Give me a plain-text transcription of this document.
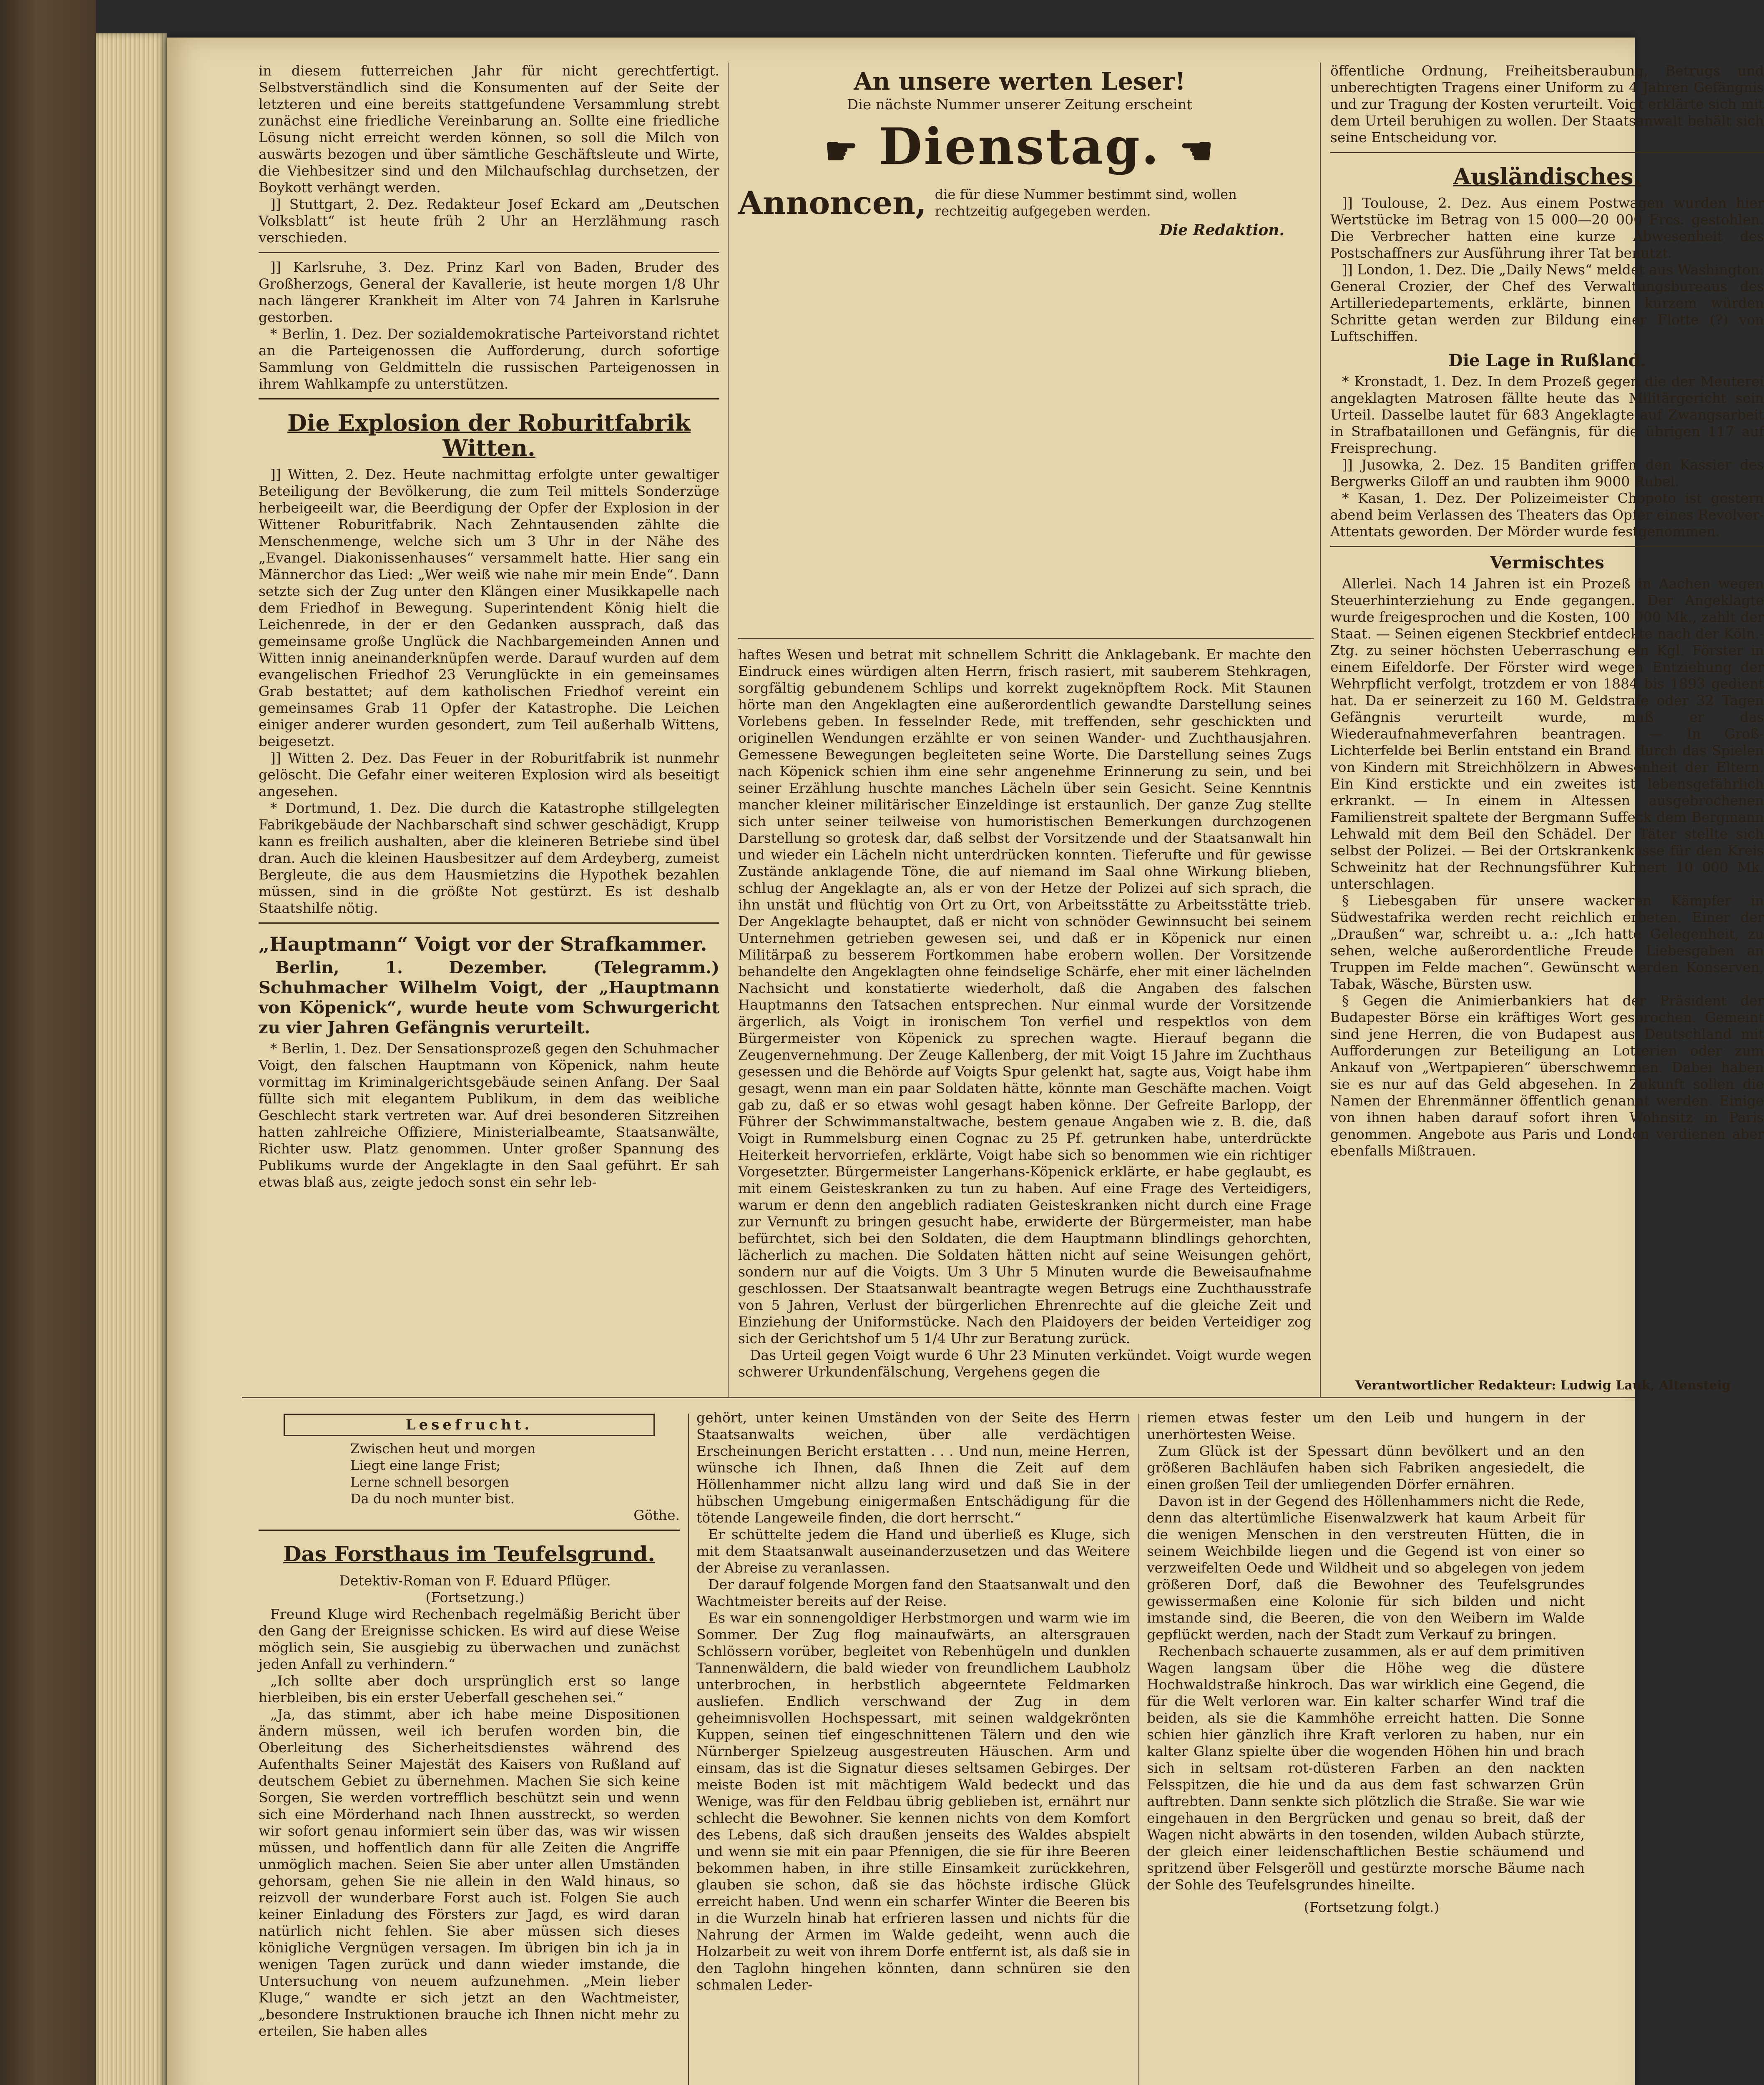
in diesem futterreichen Jahr für nicht gerechtfertigt. Selbstverständlich sind die Konsumenten auf der Seite der letzteren und eine bereits stattgefundene Versammlung strebt zunächst eine friedliche Vereinbarung an. Sollte eine friedliche Lösung nicht erreicht werden können, so soll die Milch von auswärts bezogen und über sämtliche Geschäftsleute und Wirte, die Viehbesitzer sind und den Milchaufschlag durchsetzen, der Boykott verhängt werden.

]] Stuttgart, 2. Dez. Redakteur Josef Eckard am „Deutschen Volksblatt“ ist heute früh 2 Uhr an Herzlähmung rasch verschieden.

]] Karlsruhe, 3. Dez. Prinz Karl von Baden, Bruder des Großherzogs, General der Kavallerie, ist heute morgen 1/8 Uhr nach längerer Krankheit im Alter von 74 Jahren in Karlsruhe gestorben.

* Berlin, 1. Dez. Der sozialdemokratische Parteivorstand richtet an die Parteigenossen die Aufforderung, durch sofortige Sammlung von Geldmitteln die russischen Parteigenossen in ihrem Wahlkampfe zu unterstützen.

Die Explosion der Roburitfabrik Witten.

]] Witten, 2. Dez. Heute nachmittag erfolgte unter gewaltiger Beteiligung der Bevölkerung, die zum Teil mittels Sonderzüge herbeigeeilt war, die Beerdigung der Opfer der Explosion in der Wittener Roburitfabrik. Nach Zehntausenden zählte die Menschenmenge, welche sich um 3 Uhr in der Nähe des „Evangel. Diakonissenhauses“ versammelt hatte. Hier sang ein Männerchor das Lied: „Wer weiß wie nahe mir mein Ende“. Dann setzte sich der Zug unter den Klängen einer Musikkapelle nach dem Friedhof in Bewegung. Superintendent König hielt die Leichenrede, in der er den Gedanken aussprach, daß das gemeinsame große Unglück die Nachbargemeinden Annen und Witten innig aneinanderknüpfen werde. Darauf wurden auf dem evangelischen Friedhof 23 Verunglückte in ein gemeinsames Grab bestattet; auf dem katholischen Friedhof vereint ein gemeinsames Grab 11 Opfer der Katastrophe. Die Leichen einiger anderer wurden gesondert, zum Teil außerhalb Wittens, beigesetzt.

]] Witten 2. Dez. Das Feuer in der Roburitfabrik ist nunmehr gelöscht. Die Gefahr einer weiteren Explosion wird als beseitigt angesehen.

* Dortmund, 1. Dez. Die durch die Katastrophe stillgelegten Fabrikgebäude der Nachbarschaft sind schwer geschädigt, Krupp kann es freilich aushalten, aber die kleineren Betriebe sind übel dran. Auch die kleinen Hausbesitzer auf dem Ardeyberg, zumeist Bergleute, die aus dem Hausmietzins die Hypothek bezahlen müssen, sind in die größte Not gestürzt. Es ist deshalb Staatshilfe nötig.

„Hauptmann“ Voigt vor der Strafkammer.

Berlin, 1. Dezember. (Telegramm.) Schuhmacher Wilhelm Voigt, der „Hauptmann von Köpenick“, wurde heute vom Schwurgericht zu vier Jahren Gefängnis verurteilt.

* Berlin, 1. Dez. Der Sensationsprozeß gegen den Schuhmacher Voigt, den falschen Hauptmann von Köpenick, nahm heute vormittag im Kriminalgerichtsgebäude seinen Anfang. Der Saal füllte sich mit elegantem Publikum, in dem das weibliche Geschlecht stark vertreten war. Auf drei besonderen Sitzreihen hatten zahlreiche Offiziere, Ministerialbeamte, Staatsanwälte, Richter usw. Platz genommen. Unter großer Spannung des Publikums wurde der Angeklagte in den Saal geführt. Er sah etwas blaß aus, zeigte jedoch sonst ein sehr leb-

An unsere werten Leser!
Die nächste Nummer unserer Zeitung erscheint
☛ Dienstag. ☚
Annoncen, die für diese Nummer bestimmt sind, wollen rechtzeitig aufgegeben werden.
Die Redaktion.

haftes Wesen und betrat mit schnellem Schritt die Anklagebank. Er machte den Eindruck eines würdigen alten Herrn, frisch rasiert, mit sauberem Stehkragen, sorgfältig gebundenem Schlips und korrekt zugeknöpftem Rock. Mit Staunen hörte man den Angeklagten eine außerordentlich gewandte Darstellung seines Vorlebens geben. In fesselnder Rede, mit treffenden, sehr geschickten und originellen Wendungen erzählte er von seinen Wander- und Zuchthausjahren. Gemessene Bewegungen begleiteten seine Worte. Die Darstellung seines Zugs nach Köpenick schien ihm eine sehr angenehme Erinnerung zu sein, und bei seiner Erzählung huschte manches Lächeln über sein Gesicht. Seine Kenntnis mancher kleiner militärischer Einzeldinge ist erstaunlich. Der ganze Zug stellte sich unter seiner teilweise von humoristischen Bemerkungen durchzogenen Darstellung so grotesk dar, daß selbst der Vorsitzende und der Staatsanwalt hin und wieder ein Lächeln nicht unterdrücken konnten. Tieferufte und für gewisse Zustände anklagende Töne, die auf niemand im Saal ohne Wirkung blieben, schlug der Angeklagte an, als er von der Hetze der Polizei auf sich sprach, die ihn unstät und flüchtig von Ort zu Ort, von Arbeitsstätte zu Arbeitsstätte trieb. Der Angeklagte behauptet, daß er nicht von schnöder Gewinnsucht bei seinem Unternehmen getrieben gewesen sei, und daß er in Köpenick nur einen Militärpaß zu besserem Fortkommen habe erobern wollen. Der Vorsitzende behandelte den Angeklagten ohne feindselige Schärfe, eher mit einer lächelnden Nachsicht und konstatierte wiederholt, daß die Angaben des falschen Hauptmanns den Tatsachen entsprechen. Nur einmal wurde der Vorsitzende ärgerlich, als Voigt in ironischem Ton verfiel und respektlos von dem Bürgermeister von Köpenick zu sprechen wagte. Hierauf begann die Zeugenvernehmung. Der Zeuge Kallenberg, der mit Voigt 15 Jahre im Zuchthaus gesessen und die Behörde auf Voigts Spur gelenkt hat, sagte aus, Voigt habe ihm gesagt, wenn man ein paar Soldaten hätte, könnte man Geschäfte machen. Voigt gab zu, daß er so etwas wohl gesagt haben könne. Der Gefreite Barlopp, der Führer der Schwimmanstaltwache, bestem genaue Angaben wie z. B. die, daß Voigt in Rummelsburg einen Cognac zu 25 Pf. getrunken habe, unterdrückte Heiterkeit hervorriefen, erklärte, Voigt habe sich so benommen wie ein richtiger Vorgesetzter. Bürgermeister Langerhans-Köpenick erklärte, er habe geglaubt, es mit einem Geisteskranken zu tun zu haben. Auf eine Frage des Verteidigers, warum er denn den angeblich radiaten Geisteskranken nicht durch eine Frage zur Vernunft zu bringen gesucht habe, erwiderte der Bürgermeister, man habe befürchtet, sich bei den Soldaten, die dem Hauptmann blindlings gehorchten, lächerlich zu machen. Die Soldaten hätten nicht auf seine Weisungen gehört, sondern nur auf die Voigts. Um 3 Uhr 5 Minuten wurde die Beweisaufnahme geschlossen. Der Staatsanwalt beantragte wegen Betrugs eine Zuchthausstrafe von 5 Jahren, Verlust der bürgerlichen Ehrenrechte auf die gleiche Zeit und Einziehung der Uniformstücke. Nach den Plaidoyers der beiden Verteidiger zog sich der Gerichtshof um 5 1/4 Uhr zur Beratung zurück.

Das Urteil gegen Voigt wurde 6 Uhr 23 Minuten verkündet. Voigt wurde wegen schwerer Urkundenfälschung, Vergehens gegen die

öffentliche Ordnung, Freiheitsberaubung, Betrugs und unberechtigten Tragens einer Uniform zu 4 Jahren Gefängnis und zur Tragung der Kosten verurteilt. Voigt erklärte sich mit dem Urteil beruhigen zu wollen. Der Staatsanwalt behält sich seine Entscheidung vor.

Ausländisches.

]] Toulouse, 2. Dez. Aus einem Postwagen wurden hier Wertstücke im Betrag von 15 000—20 000 Frcs. gestohlen. Die Verbrecher hatten eine kurze Abwesenheit des Postschaffners zur Ausführung ihrer Tat benutzt.

]] London, 1. Dez. Die „Daily News“ meldet aus Washington: General Crozier, der Chef des Verwaltungsbureaus des Artilleriedepartements, erklärte, binnen kurzem würden Schritte getan werden zur Bildung einer Flotte (?) von Luftschiffen.

Die Lage in Rußland.

* Kronstadt, 1. Dez. In dem Prozeß gegen die der Meuterei angeklagten Matrosen fällte heute das Militärgericht sein Urteil. Dasselbe lautet für 683 Angeklagte auf Zwangsarbeit in Strafbataillonen und Gefängnis, für die übrigen 117 auf Freisprechung.

]] Jusowka, 2. Dez. 15 Banditen griffen den Kassier des Bergwerks Giloff an und raubten ihm 9000 Rubel.

* Kasan, 1. Dez. Der Polizeimeister Chopoto ist gestern abend beim Verlassen des Theaters das Opfer eines Revolver-Attentats geworden. Der Mörder wurde festgenommen.

Vermischtes

Allerlei. Nach 14 Jahren ist ein Prozeß in Aachen wegen Steuerhinterziehung zu Ende gegangen. Der Angeklagte wurde freigesprochen und die Kosten, 100 000 Mk., zahlt der Staat. — Seinen eigenen Steckbrief entdeckte nach der Köln.-Ztg. zu seiner höchsten Ueberraschung ein Kgl. Förster in einem Eifeldorfe. Der Förster wird wegen Entziehung der Wehrpflicht verfolgt, trotzdem er von 1884 bis 1893 gedient hat. Da er seinerzeit zu 160 M. Geldstrafe oder 32 Tagen Gefängnis verurteilt wurde, muß er das Wiederaufnahmeverfahren beantragen. — In Groß-Lichterfelde bei Berlin entstand ein Brand durch das Spielen von Kindern mit Streichhölzern in Abwesenheit der Eltern. Ein Kind erstickte und ein zweites ist lebensgefährlich erkrankt. — In einem in Altessen ausgebrochenen Familienstreit spaltete der Bergmann Suffeck dem Bergmann Lehwald mit dem Beil den Schädel. Der Täter stellte sich selbst der Polizei. — Bei der Ortskrankenkasse für den Kreis Schweinitz hat der Rechnungsführer Kuhnert 10 000 Mk. unterschlagen.

§ Liebesgaben für unsere wackeren Kämpfer in Südwestafrika werden recht reichlich erbeten. Einer der „Draußen“ war, schreibt u. a.: „Ich hatte Gelegenheit, zu sehen, welche außerordentliche Freude Liebesgaben an Truppen im Felde machen“. Gewünscht werden Konserven, Tabak, Wäsche, Bürsten usw.

§ Gegen die Animierbankiers hat der Präsident der Budapester Börse ein kräftiges Wort gesprochen. Gemeint sind jene Herren, die von Budapest aus Deutschland mit Aufforderungen zur Beteiligung an Lotterien oder zum Ankauf von „Wertpapieren“ überschwemmen. Dabei haben sie es nur auf das Geld abgesehen. In Zukunft sollen die Namen der Ehrenmänner öffentlich genannt werden. Einige von ihnen haben darauf sofort ihren Wohnsitz in Paris genommen. Angebote aus Paris und London verdienen aber ebenfalls Mißtrauen.

Verantwortlicher Redakteur: Ludwig Lauk, Altensteig
Lesefrucht.
Zwischen heut und morgen
Liegt eine lange Frist;
Lerne schnell besorgen
Da du noch munter bist.

Göthe.

Das Forsthaus im Teufelsgrund.

Detektiv-Roman von F. Eduard Pflüger.

(Fortsetzung.)

Freund Kluge wird Rechenbach regelmäßig Bericht über den Gang der Ereignisse schicken. Es wird auf diese Weise möglich sein, Sie ausgiebig zu überwachen und zunächst jeden Anfall zu verhindern.“

„Ich sollte aber doch ursprünglich erst so lange hierbleiben, bis ein erster Ueberfall geschehen sei.“

„Ja, das stimmt, aber ich habe meine Dispositionen ändern müssen, weil ich berufen worden bin, die Oberleitung des Sicherheitsdienstes während des Aufenthalts Seiner Majestät des Kaisers von Rußland auf deutschem Gebiet zu übernehmen. Machen Sie sich keine Sorgen, Sie werden vortrefflich beschützt sein und wenn sich eine Mörderhand nach Ihnen ausstreckt, so werden wir sofort genau informiert sein über das, was wir wissen müssen, und hoffentlich dann für alle Zeiten die Angriffe unmöglich machen. Seien Sie aber unter allen Umständen gehorsam, gehen Sie nie allein in den Wald hinaus, so reizvoll der wunderbare Forst auch ist. Folgen Sie auch keiner Einladung des Försters zur Jagd, es wird daran natürlich nicht fehlen. Sie aber müssen sich dieses königliche Vergnügen versagen. Im übrigen bin ich ja in wenigen Tagen zurück und dann wieder imstande, die Untersuchung von neuem aufzunehmen. „Mein lieber Kluge,“ wandte er sich jetzt an den Wachtmeister, „besondere Instruktionen brauche ich Ihnen nicht mehr zu erteilen, Sie haben alles

gehört, unter keinen Umständen von der Seite des Herrn Staatsanwalts weichen, über alle verdächtigen Erscheinungen Bericht erstatten . . . Und nun, meine Herren, wünsche ich Ihnen, daß Ihnen die Zeit auf dem Höllenhammer nicht allzu lang wird und daß Sie in der hübschen Umgebung einigermaßen Entschädigung für die tötende Langeweile finden, die dort herrscht.“

Er schüttelte jedem die Hand und überließ es Kluge, sich mit dem Staatsanwalt auseinanderzusetzen und das Weitere der Abreise zu veranlassen.

Der darauf folgende Morgen fand den Staatsanwalt und den Wachtmeister bereits auf der Reise.

Es war ein sonnengoldiger Herbstmorgen und warm wie im Sommer. Der Zug flog mainaufwärts, an altersgrauen Schlössern vorüber, begleitet von Rebenhügeln und dunklen Tannenwäldern, die bald wieder von freundlichem Laubholz unterbrochen, in herbstlich abgeerntete Feldmarken ausliefen. Endlich verschwand der Zug in dem geheimnisvollen Hochspessart, mit seinen waldgekrönten Kuppen, seinen tief eingeschnittenen Tälern und den wie Nürnberger Spielzeug ausgestreuten Häuschen. Arm und einsam, das ist die Signatur dieses seltsamen Gebirges. Der meiste Boden ist mit mächtigem Wald bedeckt und das Wenige, was für den Feldbau übrig geblieben ist, ernährt nur schlecht die Bewohner. Sie kennen nichts von dem Komfort des Lebens, daß sich draußen jenseits des Waldes abspielt und wenn sie mit ein paar Pfennigen, die sie für ihre Beeren bekommen haben, in ihre stille Einsamkeit zurückkehren, glauben sie schon, daß sie das höchste irdische Glück erreicht haben. Und wenn ein scharfer Winter die Beeren bis in die Wurzeln hinab hat erfrieren lassen und nichts für die Nahrung der Armen im Walde gedeiht, wenn auch die Holzarbeit zu weit von ihrem Dorfe entfernt ist, als daß sie in den Taglohn hingehen könnten, dann schnüren sie den schmalen Leder-

riemen etwas fester um den Leib und hungern in der unerhörtesten Weise.

Zum Glück ist der Spessart dünn bevölkert und an den größeren Bachläufen haben sich Fabriken angesiedelt, die einen großen Teil der umliegenden Dörfer ernähren.

Davon ist in der Gegend des Höllenhammers nicht die Rede, denn das altertümliche Eisenwalzwerk hat kaum Arbeit für die wenigen Menschen in den verstreuten Hütten, die in seinem Weichbilde liegen und die Gegend ist von einer so verzweifelten Oede und Wildheit und so abgelegen von jedem größeren Dorf, daß die Bewohner des Teufelsgrundes gewissermaßen eine Kolonie für sich bilden und nicht imstande sind, die Beeren, die von den Weibern im Walde gepflückt werden, nach der Stadt zum Verkauf zu bringen.

Rechenbach schauerte zusammen, als er auf dem primitiven Wagen langsam über die Höhe weg die düstere Hochwaldstraße hinkroch. Das war wirklich eine Gegend, die für die Welt verloren war. Ein kalter scharfer Wind traf die beiden, als sie die Kammhöhe erreicht hatten. Die Sonne schien hier gänzlich ihre Kraft verloren zu haben, nur ein kalter Glanz spielte über die wogenden Höhen hin und brach sich in seltsam rot-düsteren Farben an den nackten Felsspitzen, die hie und da aus dem fast schwarzen Grün auftrebten. Dann senkte sich plötzlich die Straße. Sie war wie eingehauen in den Bergrücken und genau so breit, daß der Wagen nicht abwärts in den tosenden, wilden Aubach stürzte, der gleich einer leidenschaftlichen Bestie schäumend und spritzend über Felsgeröll und gestürzte morsche Bäume nach der Sohle des Teufelsgrundes hineilte.

(Fortsetzung folgt.)
